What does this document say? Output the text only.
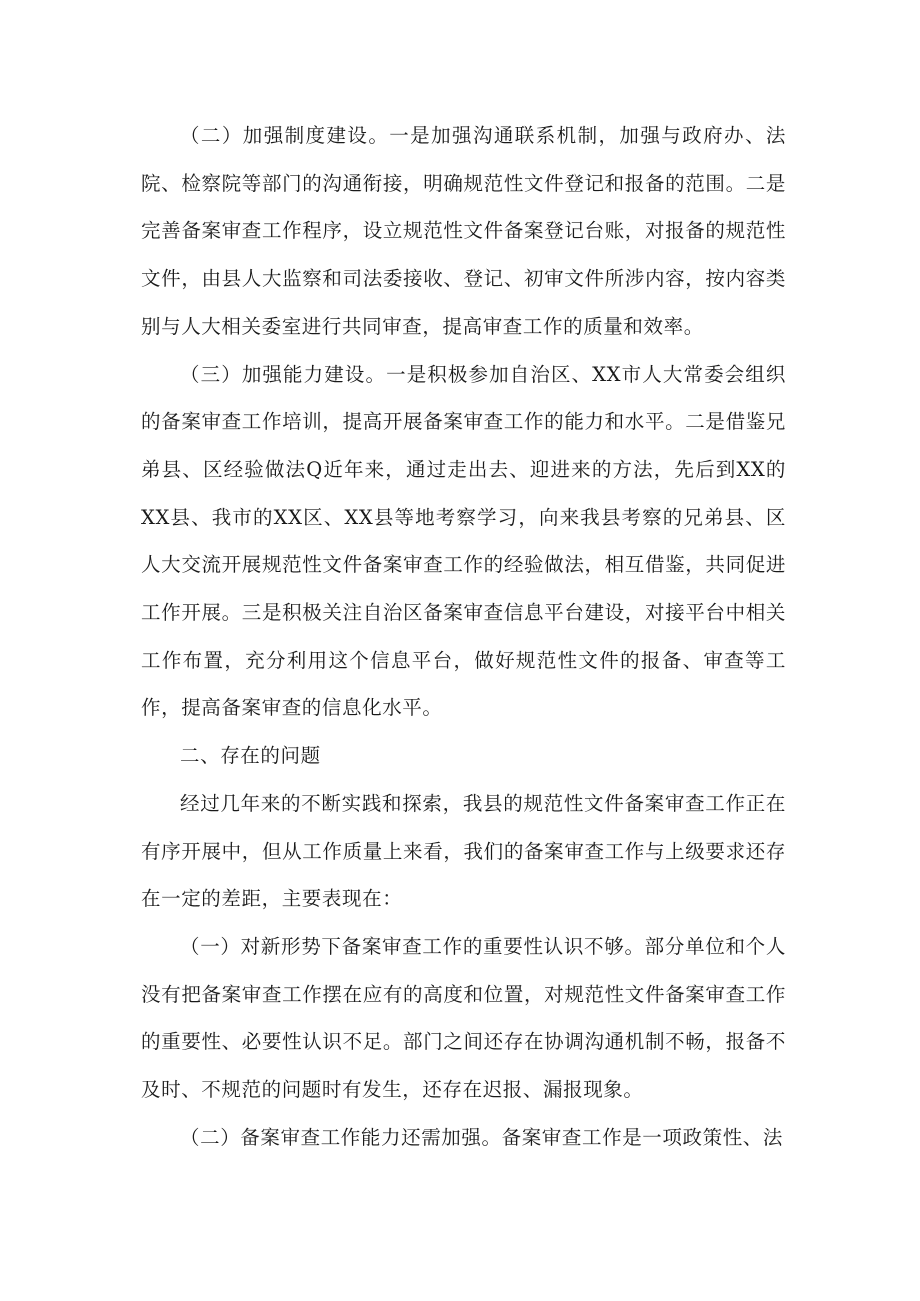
（二）加强制度建设。一是加强沟通联系机制，加强与政府办、法院、检察院等部门的沟通衔接，明确规范性文件登记和报备的范围。二是完善备案审查工作程序，设立规范性文件备案登记台账，对报备的规范性文件，由县人大监察和司法委接收、登记、初审文件所涉内容，按内容类别与人大相关委室进行共同审查，提高审查工作的质量和效率。

（三）加强能力建设。一是积极参加自治区、XX市人大常委会组织的备案审查工作培训，提高开展备案审查工作的能力和水平。二是借鉴兄弟县、区经验做法Q近年来，通过走出去、迎进来的方法，先后到XX的XX县、我市的XX区、XX县等地考察学习，向来我县考察的兄弟县、区人大交流开展规范性文件备案审查工作的经验做法，相互借鉴，共同促进工作开展。三是积极关注自治区备案审查信息平台建设，对接平台中相关工作布置，充分利用这个信息平台，做好规范性文件的报备、审查等工作，提高备案审查的信息化水平。

二、存在的问题

经过几年来的不断实践和探索，我县的规范性文件备案审查工作正在有序开展中，但从工作质量上来看，我们的备案审查工作与上级要求还存在一定的差距，主要表现在：

（一）对新形势下备案审查工作的重要性认识不够。部分单位和个人没有把备案审查工作摆在应有的高度和位置，对规范性文件备案审查工作的重要性、必要性认识不足。部门之间还存在协调沟通机制不畅，报备不及时、不规范的问题时有发生，还存在迟报、漏报现象。

（二）备案审查工作能力还需加强。备案审查工作是一项政策性、法
